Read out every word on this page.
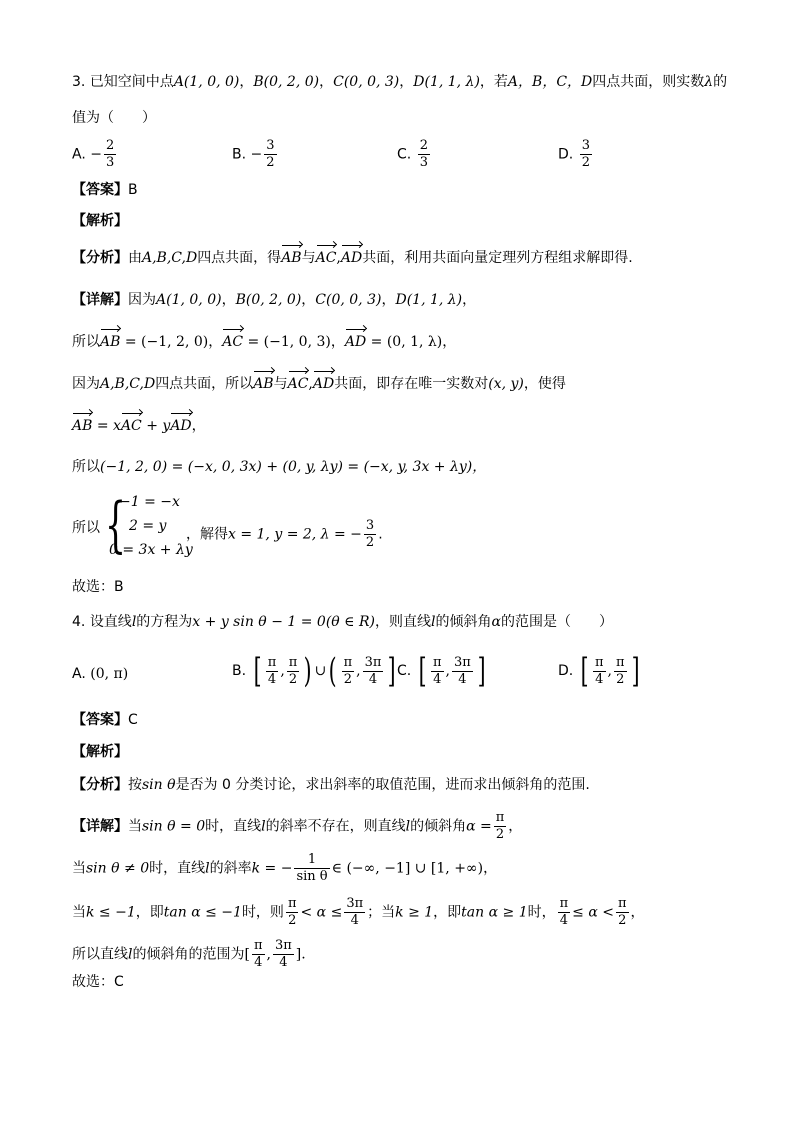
3. 已知空间中点A(1, 0, 0)，B(0, 2, 0)，C(0, 0, 3)，D(1, 1, λ)，若A，B，C，D四点共面，则实数λ的
值为（　　）
A. − $\frac{2}{3}$	B. − $\frac{3}{2}$	C. $\frac{2}{3}$	D. $\frac{3}{2}$
【答案】B
【解析】
【分析】由A,B,C,D四点共面，得AB与AC,AD共面，利用共面向量定理列方程组求解即得.
【详解】因为A(1, 0, 0)，B(0, 2, 0)，C(0, 0, 3)，D(1, 1, λ)，
所以AB = (−1, 2, 0)，AC = (−1, 0, 3)，AD = (0, 1, λ)，
因为A,B,C,D四点共面，所以AB与AC,AD共面，即存在唯一实数对(x, y)，使得
AB = xAC + yAD，
所以(−1, 2, 0) = (−x, 0, 3x) + (0, y, λy) = (−x, y, 3x + λy)，
所以 {
−1 = −x
2 = y
0 = 3x + λy
，解得x = 1, y = 2, λ = − $\frac{3}{2}$ .
故选：B
4. 设直线l的方程为x + y sin θ − 1 = 0(θ ∈ R)，则直线l的倾斜角α的范围是（　　）
A. (0, π)	B. [ $\frac{\pi}{4}$ , $\frac{\pi}{2}$ ) ∪( $\frac{\pi}{2}$ , $\frac{3\pi}{4}$ ] C. [ $\frac{\pi}{4}$ , $\frac{3\pi}{4}$ ]	D. [ $\frac{\pi}{4}$ , $\frac{\pi}{2}$ ]
【答案】C
【解析】
【分析】按sin θ是否为 0 分类讨论，求出斜率的取值范围，进而求出倾斜角的范围.
【详解】当sin θ = 0时，直线l的斜率不存在，则直线l的倾斜角$\alpha = \frac{\pi}{2}$ ，
当sin θ ≠ 0时，直线l的斜率k = − $\frac{1}{\text{sin θ}}$ ∈ (−∞, −1] ∪ [1, +∞)，
当k ≤ −1，即tan α ≤ −1时，则 $\frac{\pi}{2} < \alpha \le \frac{3\pi}{4}$ ；当k ≥ 1，即tan α ≥ 1时， $\frac{\pi}{4} \le \alpha < \frac{\pi}{2}$ ，
所以直线l的倾斜角的范围为[ $\frac{\pi}{4}$ , $\frac{3\pi}{4}$ ].
故选：C
